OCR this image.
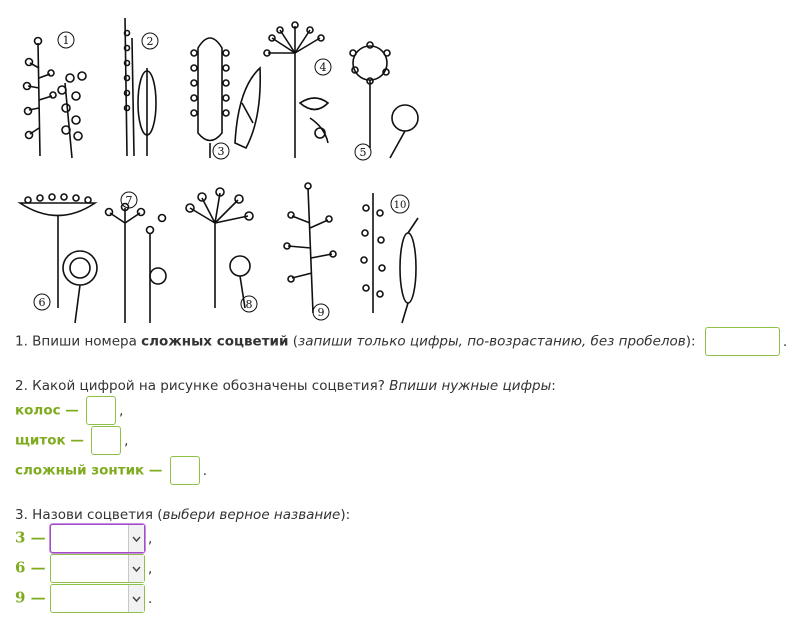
1	2
3
4
5
6
7
8
9
10
1. Впиши номера сложных соцветий (запиши только цифры, по-возрастанию, без пробелов):	.
2. Какой цифрой на рисунке обозначены соцветия? Впиши нужные цифры:
колос —	,
щиток —	,
сложный зонтик —	.
3. Назови соцветия (выбери верное название):
3 —	,
6 —	,
9 —	.
